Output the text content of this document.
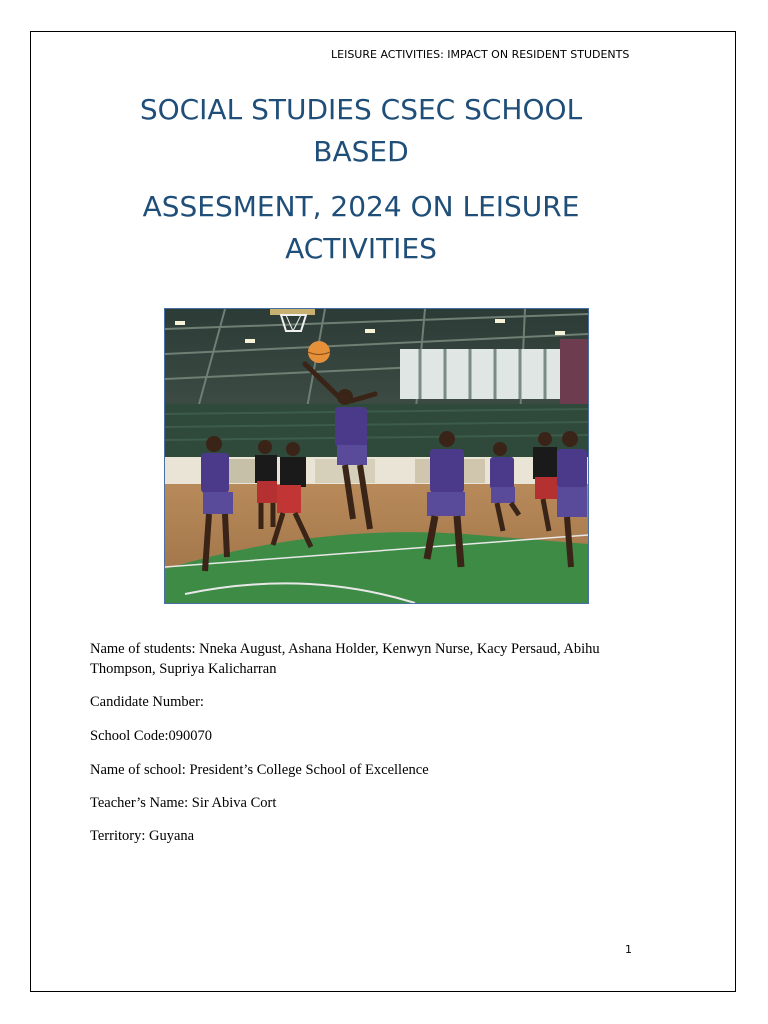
LEISURE ACTIVITIES: IMPACT ON RESIDENT STUDENTS
SOCIAL STUDIES CSEC SCHOOL BASED
ASSESMENT, 2024 ON LEISURE ACTIVITIES
Name of students: Nneka August, Ashana Holder, Kenwyn Nurse, Kacy Persaud, Abihu Thompson, Supriya Kalicharran
Candidate Number:
School Code:090070
Name of school: President’s College School of Excellence
Teacher’s Name: Sir Abiva Cort
Territory: Guyana
1
